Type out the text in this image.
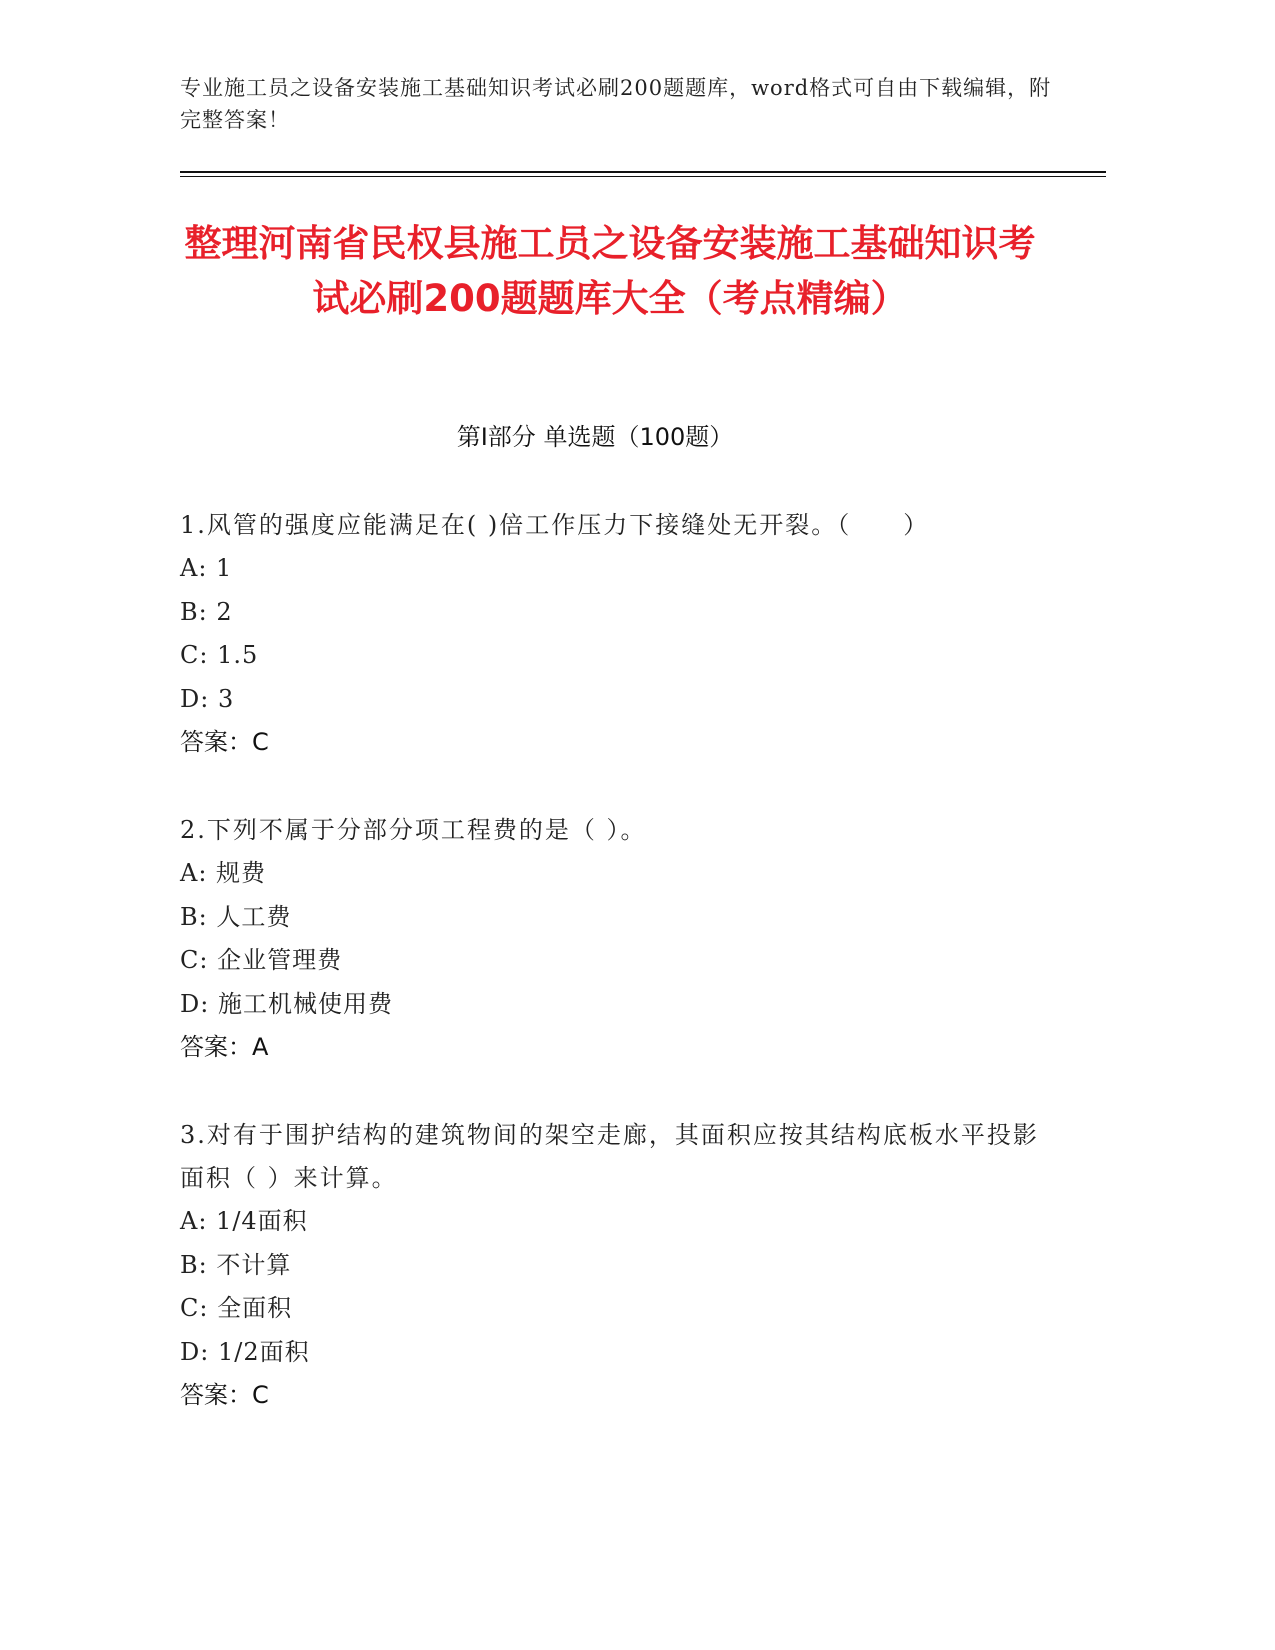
专业施工员之设备安装施工基础知识考试必刷200题题库，word格式可自由下载编辑，附完整答案！
整理河南省民权县施工员之设备安装施工基础知识考试必刷200题题库大全（考点精编）
第Ⅰ部分 单选题（100题）
1.风管的强度应能满足在( )倍工作压力下接缝处无开裂。（　　）
A: 1
B: 2
C: 1.5
D: 3
答案：C
2.下列不属于分部分项工程费的是（ ）。
A: 规费
B: 人工费
C: 企业管理费
D: 施工机械使用费
答案：A
3.对有于围护结构的建筑物间的架空走廊，其面积应按其结构底板水平投影面积（ ）来计算。
A: 1/4面积
B: 不计算
C: 全面积
D: 1/2面积
答案：C
